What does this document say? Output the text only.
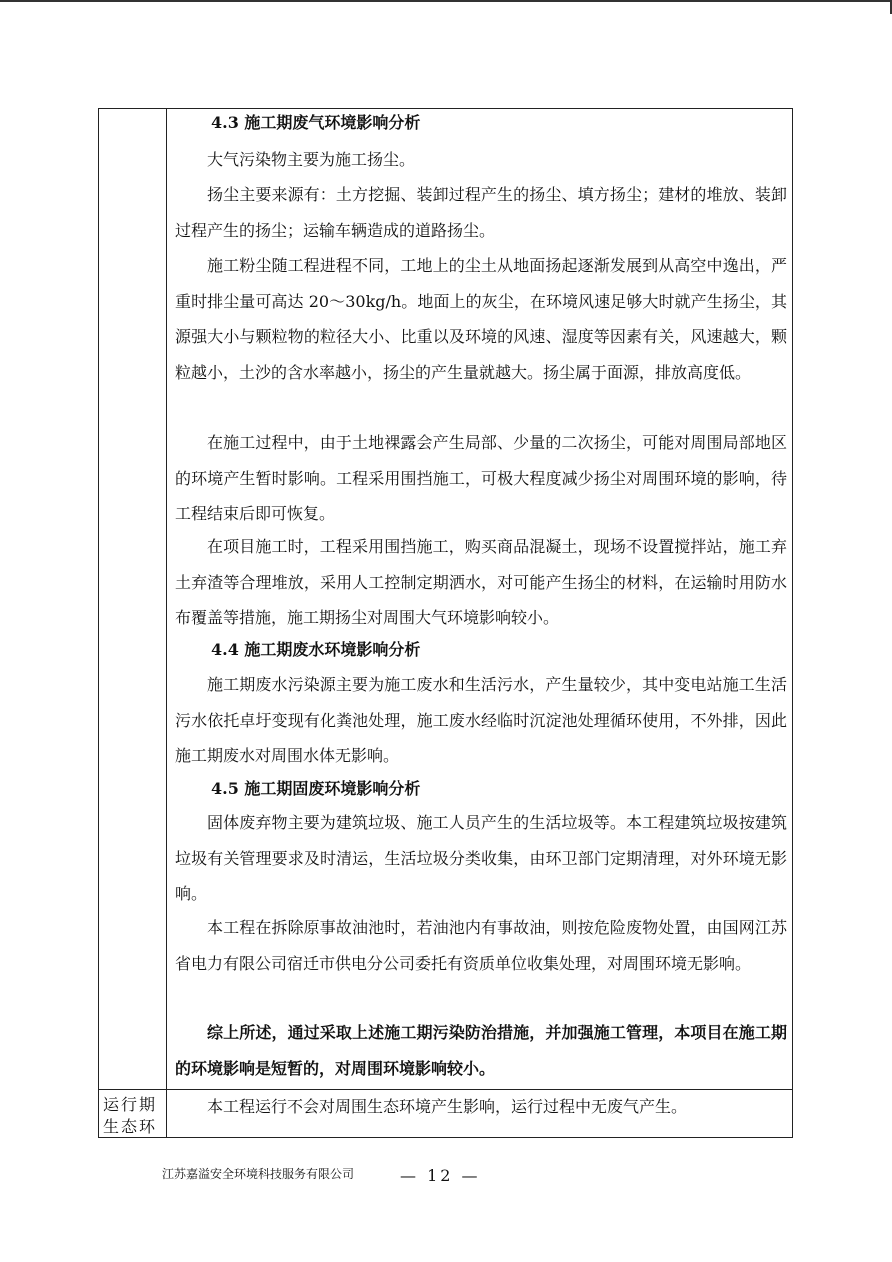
4.3 施工期废气环境影响分析
大气污染物主要为施工扬尘。
扬尘主要来源有：土方挖掘、装卸过程产生的扬尘、填方扬尘；建材的堆放、装卸过程产生的扬尘；运输车辆造成的道路扬尘。
施工粉尘随工程进程不同，工地上的尘土从地面扬起逐渐发展到从高空中逸出，严重时排尘量可高达 20～30kg/h。地面上的灰尘，在环境风速足够大时就产生扬尘，其源强大小与颗粒物的粒径大小、比重以及环境的风速、湿度等因素有关，风速越大，颗粒越小，土沙的含水率越小，扬尘的产生量就越大。扬尘属于面源，排放高度低。
在施工过程中，由于土地裸露会产生局部、少量的二次扬尘，可能对周围局部地区的环境产生暂时影响。工程采用围挡施工，可极大程度减少扬尘对周围环境的影响，待工程结束后即可恢复。
在项目施工时，工程采用围挡施工，购买商品混凝土，现场不设置搅拌站，施工弃土弃渣等合理堆放，采用人工控制定期洒水，对可能产生扬尘的材料，在运输时用防水布覆盖等措施，施工期扬尘对周围大气环境影响较小。
4.4 施工期废水环境影响分析
施工期废水污染源主要为施工废水和生活污水，产生量较少，其中变电站施工生活污水依托卓圩变现有化粪池处理，施工废水经临时沉淀池处理循环使用，不外排，因此施工期废水对周围水体无影响。
4.5 施工期固废环境影响分析
固体废弃物主要为建筑垃圾、施工人员产生的生活垃圾等。本工程建筑垃圾按建筑垃圾有关管理要求及时清运，生活垃圾分类收集，由环卫部门定期清理，对外环境无影响。
本工程在拆除原事故油池时，若油池内有事故油，则按危险废物处置，由国网江苏省电力有限公司宿迁市供电分公司委托有资质单位收集处理，对周围环境无影响。
综上所述，通过采取上述施工期污染防治措施，并加强施工管理，本项目在施工期的环境影响是短暂的，对周围环境影响较小。
运行期
生态环
本工程运行不会对周围生态环境产生影响，运行过程中无废气产生。
江苏嘉溢安全环境科技服务有限公司	— 12 —
